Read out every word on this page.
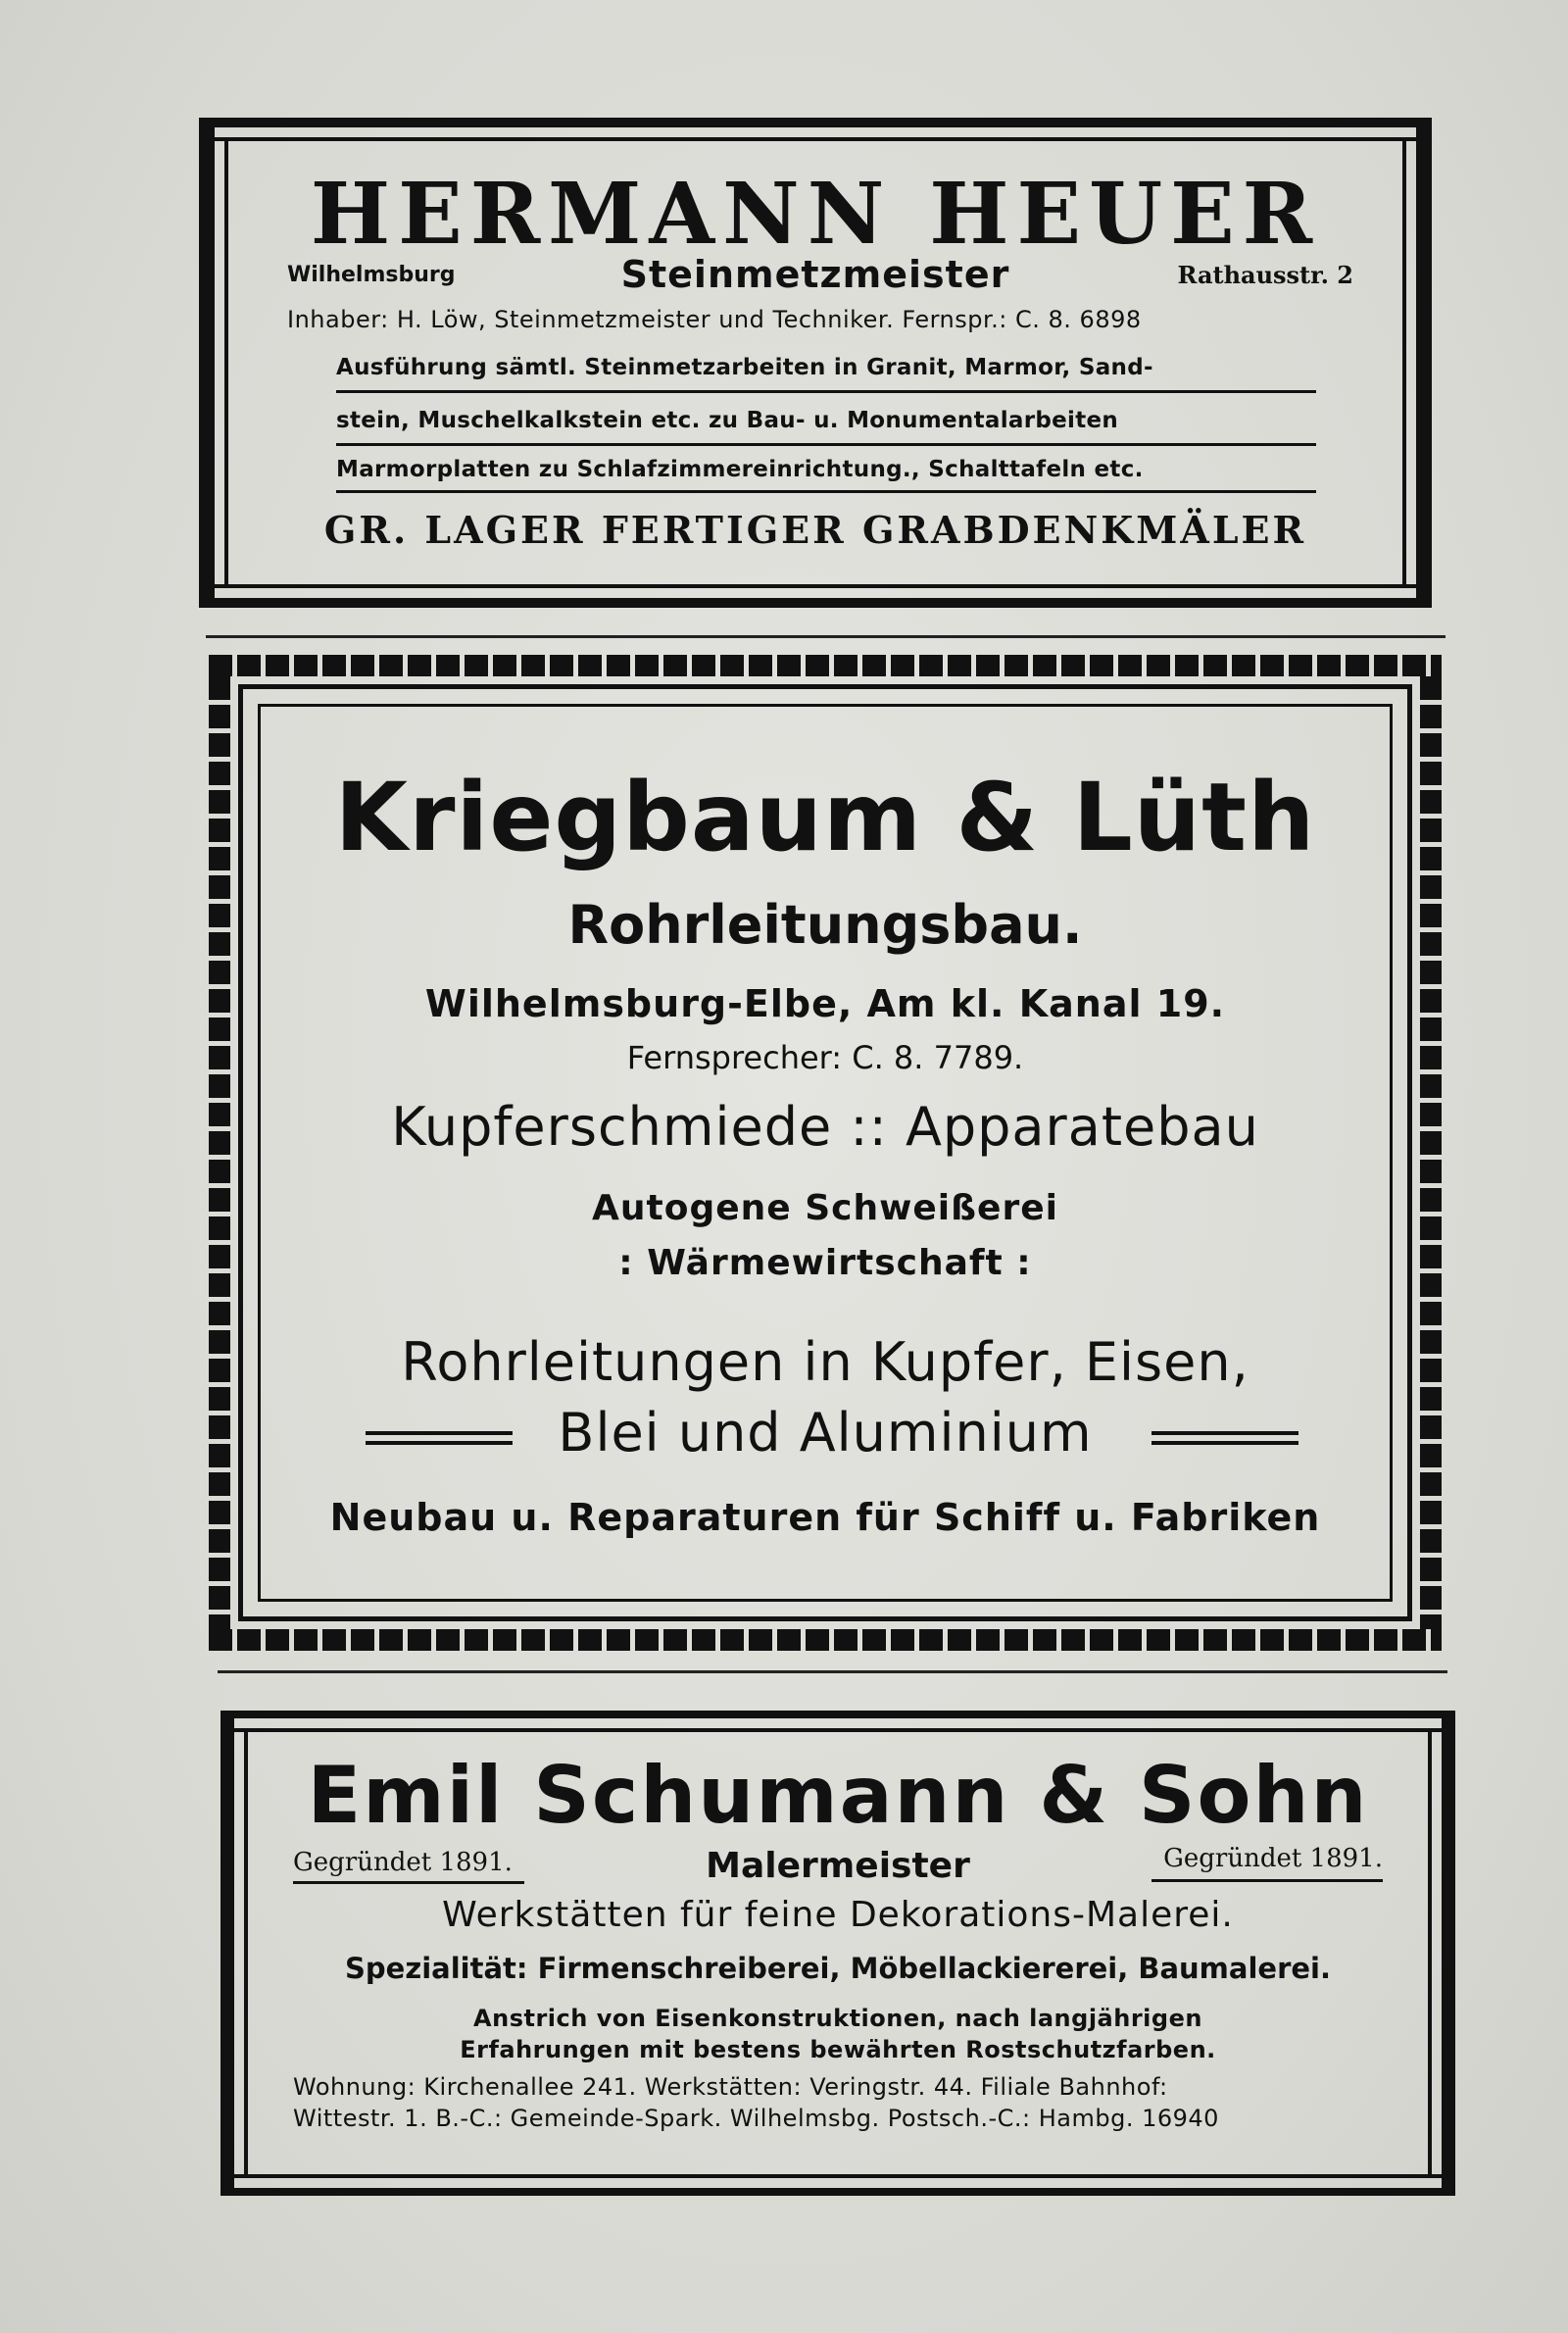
HERMANN HEUER
Wilhelmsburg	Steinmetzmeister	Rathausstr. 2
Inhaber: H. Löw, Steinmetzmeister und Techniker. Fernspr.: C. 8. 6898
Ausführung sämtl. Steinmetzarbeiten in Granit, Marmor, Sand-
stein, Muschelkalkstein etc. zu Bau- u. Monumentalarbeiten
Marmorplatten zu Schlafzimmereinrichtung., Schalttafeln etc.
GR. LAGER FERTIGER GRABDENKMÄLER
Kriegbaum & Lüth
Rohrleitungsbau.
Wilhelmsburg-Elbe, Am kl. Kanal 19.
Fernsprecher: C. 8. 7789.
Kupferschmiede :: Apparatebau
Autogene Schweißerei
: Wärmewirtschaft :
Rohrleitungen in Kupfer, Eisen,
Blei und Aluminium
Neubau u. Reparaturen für Schiff u. Fabriken
Emil Schumann & Sohn
Gegründet 1891.	Malermeister	Gegründet 1891.
Werkstätten für feine Dekorations-Malerei.
Spezialität: Firmenschreiberei, Möbellackiererei, Baumalerei.
Anstrich von Eisenkonstruktionen, nach langjährigen
Erfahrungen mit bestens bewährten Rostschutzfarben.
Wohnung: Kirchenallee 241. Werkstätten: Veringstr. 44. Filiale Bahnhof:
Wittestr. 1. B.-C.: Gemeinde-Spark. Wilhelmsbg. Postsch.-C.: Hambg. 16940
